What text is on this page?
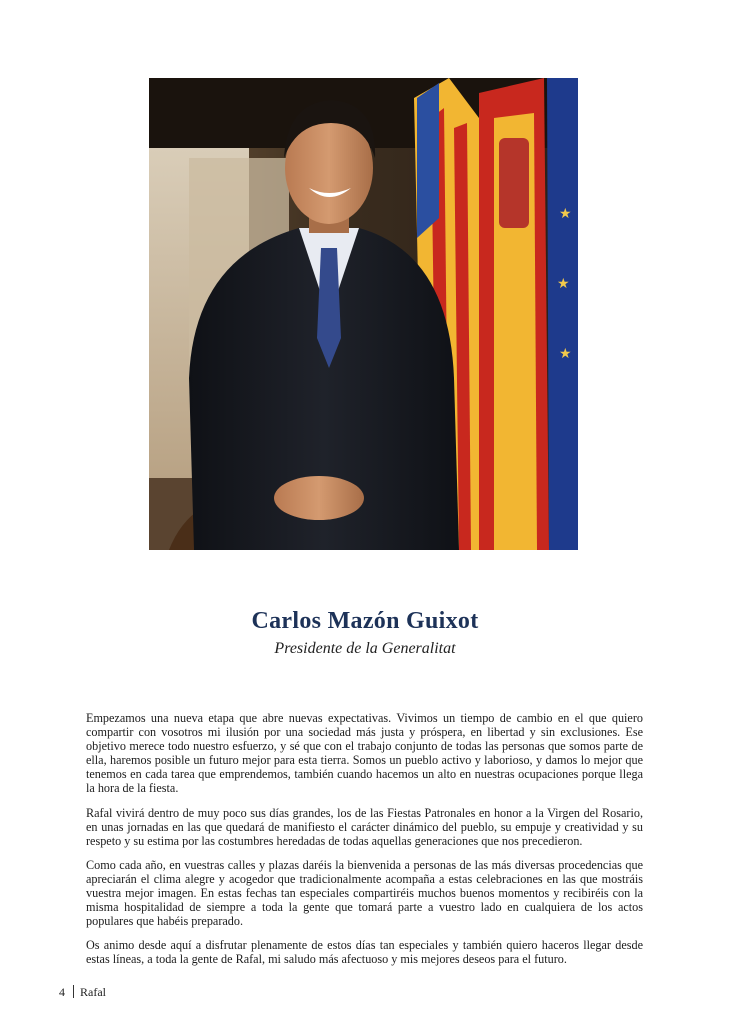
★
★
★
Carlos Mazón Guixot
Presidente de la Generalitat

Empezamos una nueva etapa que abre nuevas expectativas. Vivimos un tiempo de cambio en el que quiero compartir con vosotros mi ilusión por una sociedad más justa y próspera, en libertad y sin exclusiones. Ese objetivo merece todo nuestro esfuerzo, y sé que con el trabajo conjunto de todas las personas que somos parte de ella, haremos posible un futuro mejor para esta tierra. Somos un pueblo activo y laborioso, y damos lo mejor que tenemos en cada tarea que emprendemos, también cuando hacemos un alto en nuestras ocupaciones porque llega la hora de la fiesta.

Rafal vivirá dentro de muy poco sus días grandes, los de las Fiestas Patronales en honor a la Virgen del Rosario, en unas jornadas en las que quedará de manifiesto el carácter dinámico del pueblo, su empuje y creatividad y su respeto y su estima por las costumbres heredadas de todas aquellas generaciones que nos precedieron.

Como cada año, en vuestras calles y plazas daréis la bienvenida a personas de las más diversas procedencias que apreciarán el clima alegre y acogedor que tradicionalmente acompaña a estas celebraciones en las que mostráis vuestra mejor imagen. En estas fechas tan especiales compartiréis muchos buenos momentos y recibiréis con la misma hospitalidad de siempre a toda la gente que tomará parte a vuestro lado en cualquiera de los actos populares que habéis preparado.

Os animo desde aquí a disfrutar plenamente de estos días tan especiales y también quiero haceros llegar desde estas líneas, a toda la gente de Rafal, mi saludo más afectuoso y mis mejores deseos para el futuro.

4 Rafal
